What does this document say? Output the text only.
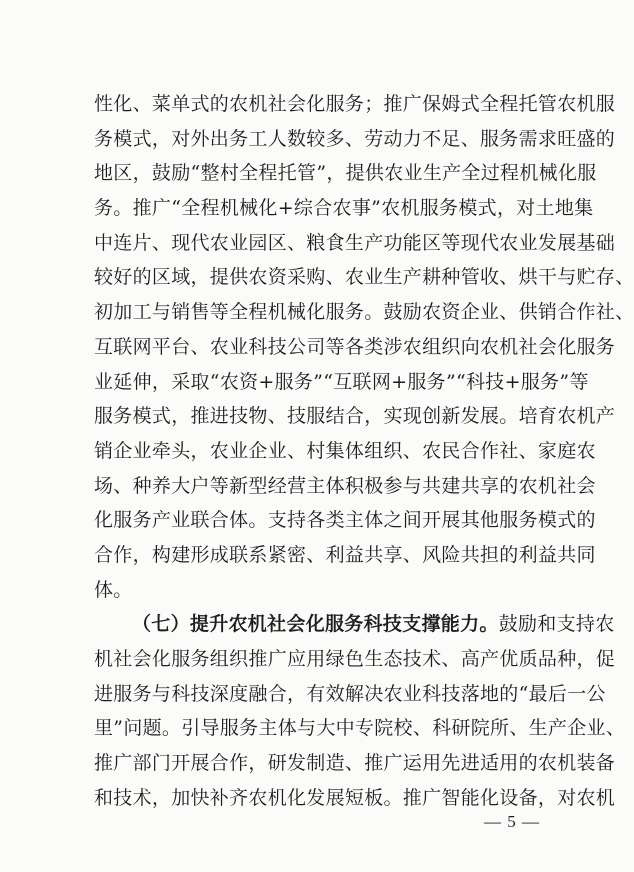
性化、菜单式的农机社会化服务；推广保姆式全程托管农机服
务模式，对外出务工人数较多、劳动力不足、服务需求旺盛的
地区，鼓励“整村全程托管”，提供农业生产全过程机械化服
务。推广“全程机械化+综合农事”农机服务模式，对土地集
中连片、现代农业园区、粮食生产功能区等现代农业发展基础
较好的区域，提供农资采购、农业生产耕种管收、烘干与贮存、
初加工与销售等全程机械化服务。鼓励农资企业、供销合作社、
互联网平台、农业科技公司等各类涉农组织向农机社会化服务
业延伸，采取“农资+服务”“互联网+服务”“科技+服务”等
服务模式，推进技物、技服结合，实现创新发展。培育农机产
销企业牵头，农业企业、村集体组织、农民合作社、家庭农
场、种养大户等新型经营主体积极参与共建共享的农机社会
化服务产业联合体。支持各类主体之间开展其他服务模式的
合作，构建形成联系紧密、利益共享、风险共担的利益共同
体。
（七）提升农机社会化服务科技支撑能力。鼓励和支持农
机社会化服务组织推广应用绿色生态技术、高产优质品种，促
进服务与科技深度融合，有效解决农业科技落地的“最后一公
里”问题。引导服务主体与大中专院校、科研院所、生产企业、
推广部门开展合作，研发制造、推广运用先进适用的农机装备
和技术，加快补齐农机化发展短板。推广智能化设备，对农机
— 5 —
